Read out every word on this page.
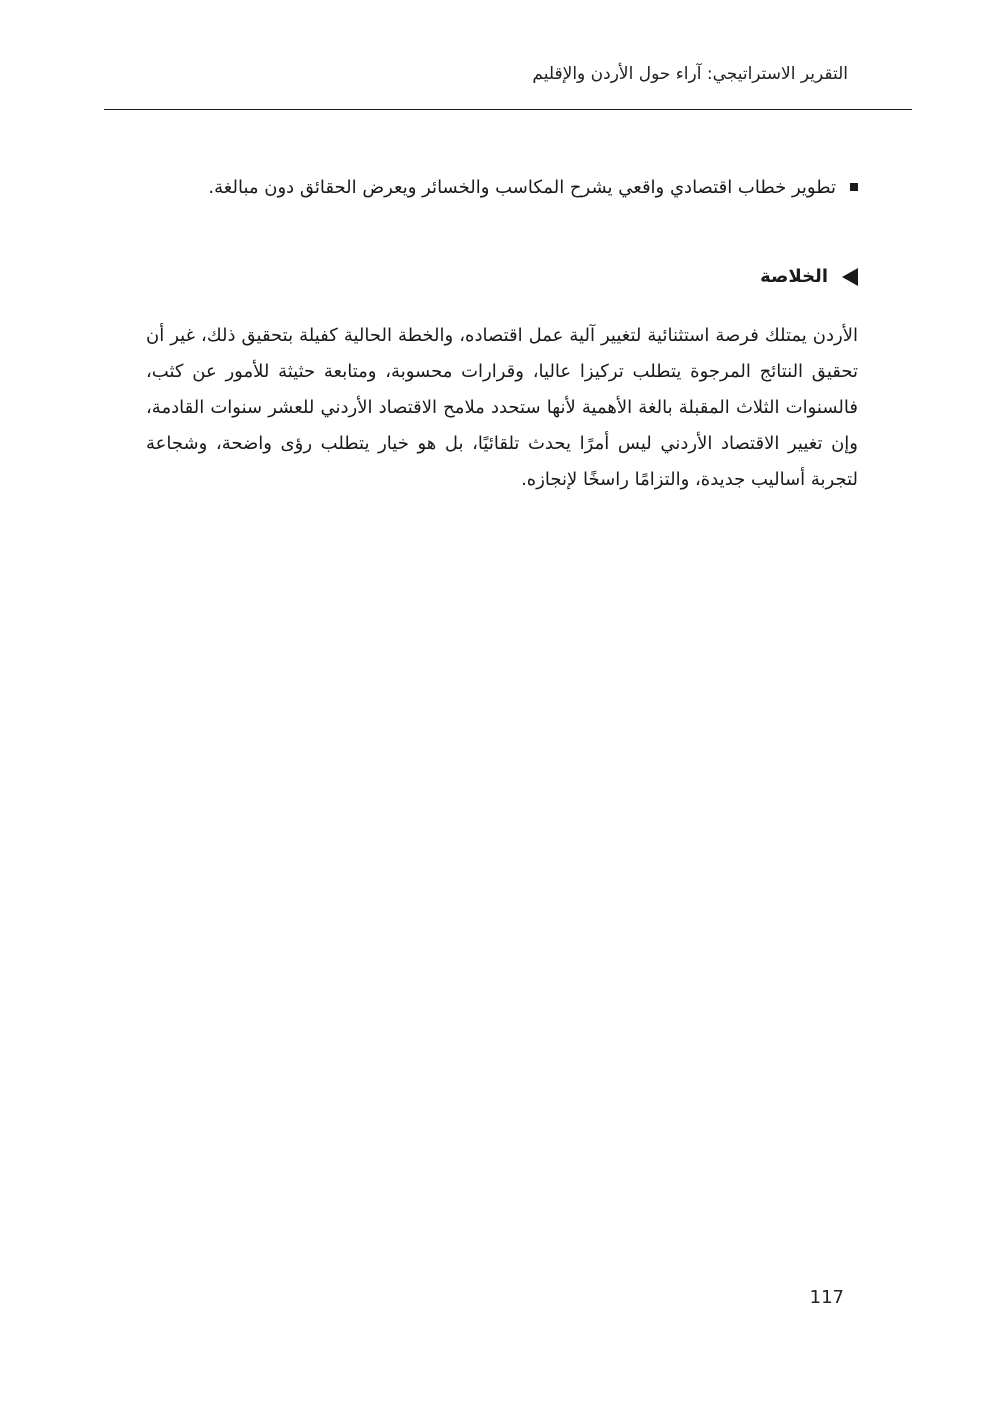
التقرير الاستراتيجي: آراء حول الأردن والإقليم
تطوير خطاب اقتصادي واقعي يشرح المكاسب والخسائر ويعرض الحقائق دون مبالغة.
الخلاصة
الأردن يمتلك فرصة استثنائية لتغيير آلية عمل اقتصاده، والخطة الحالية كفيلة بتحقيق ذلك، غير أن تحقيق النتائج المرجوة يتطلب تركيزا عاليا، وقرارات محسوبة، ومتابعة حثيثة للأمور عن كثب، فالسنوات الثلاث المقبلة بالغة الأهمية لأنها ستحدد ملامح الاقتصاد الأردني للعشر سنوات القادمة، وإن تغيير الاقتصاد الأردني ليس أمرًا يحدث تلقائيًا، بل هو خيار يتطلب رؤى واضحة، وشجاعة لتجربة أساليب جديدة، والتزامًا راسخًا لإنجازه.
117
